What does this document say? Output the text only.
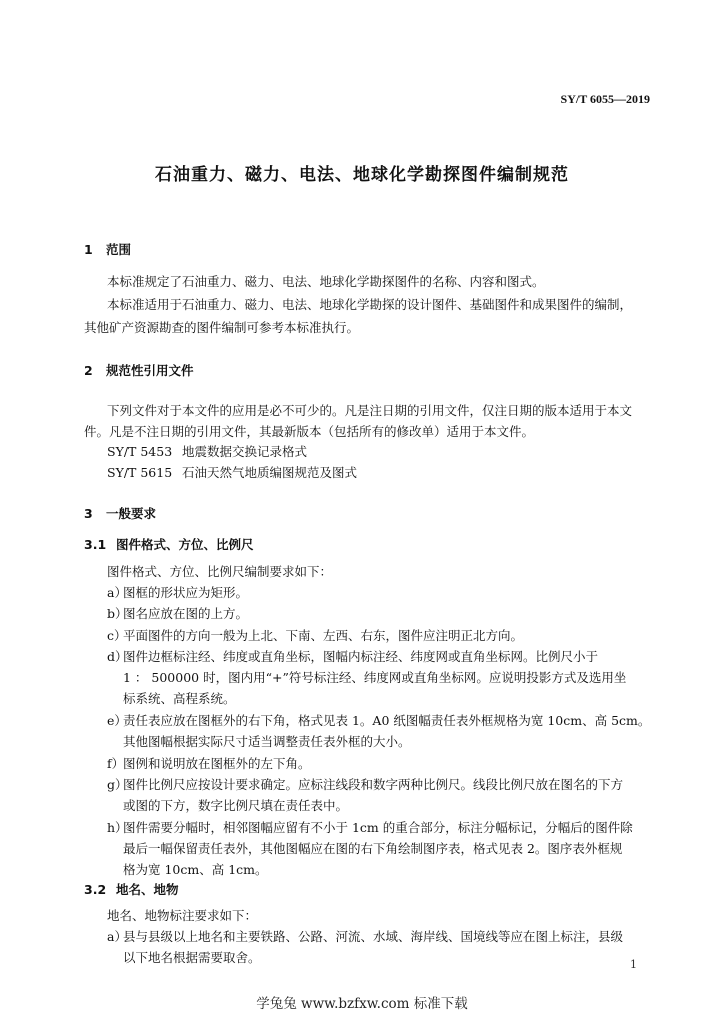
SY/T 6055—2019
石油重力、磁力、电法、地球化学勘探图件编制规范
1 范围
本标准规定了石油重力、磁力、电法、地球化学勘探图件的名称、内容和图式。
本标准适用于石油重力、磁力、电法、地球化学勘探的设计图件、基础图件和成果图件的编制，
其他矿产资源勘查的图件编制可参考本标准执行。
2 规范性引用文件
下列文件对于本文件的应用是必不可少的。凡是注日期的引用文件，仅注日期的版本适用于本文
件。凡是不注日期的引用文件，其最新版本（包括所有的修改单）适用于本文件。
SY/T 5453 地震数据交换记录格式
SY/T 5615 石油天然气地质编图规范及图式
3 一般要求
3.1 图件格式、方位、比例尺
图件格式、方位、比例尺编制要求如下：
a）图框的形状应为矩形。
b）图名应放在图的上方。
c）平面图件的方向一般为上北、下南、左西、右东，图件应注明正北方向。
d）图件边框标注经、纬度或直角坐标，图幅内标注经、纬度网或直角坐标网。比例尺小于
1 ： 500000 时，图内用“+”符号标注经、纬度网或直角坐标网。应说明投影方式及选用坐
标系统、高程系统。
e）责任表应放在图框外的右下角，格式见表 1。A0 纸图幅责任表外框规格为宽 10cm、高 5cm。
其他图幅根据实际尺寸适当调整责任表外框的大小。
f）图例和说明放在图框外的左下角。
g）图件比例尺应按设计要求确定。应标注线段和数字两种比例尺。线段比例尺放在图名的下方
或图的下方，数字比例尺填在责任表中。
h）图件需要分幅时，相邻图幅应留有不小于 1cm 的重合部分，标注分幅标记，分幅后的图件除
最后一幅保留责任表外，其他图幅应在图的右下角绘制图序表，格式见表 2。图序表外框规
格为宽 10cm、高 1cm。
3.2 地名、地物
地名、地物标注要求如下：
a）县与县级以上地名和主要铁路、公路、河流、水域、海岸线、国境线等应在图上标注，县级
以下地名根据需要取舍。	1
学兔兔 www.bzfxw.com 标准下载
